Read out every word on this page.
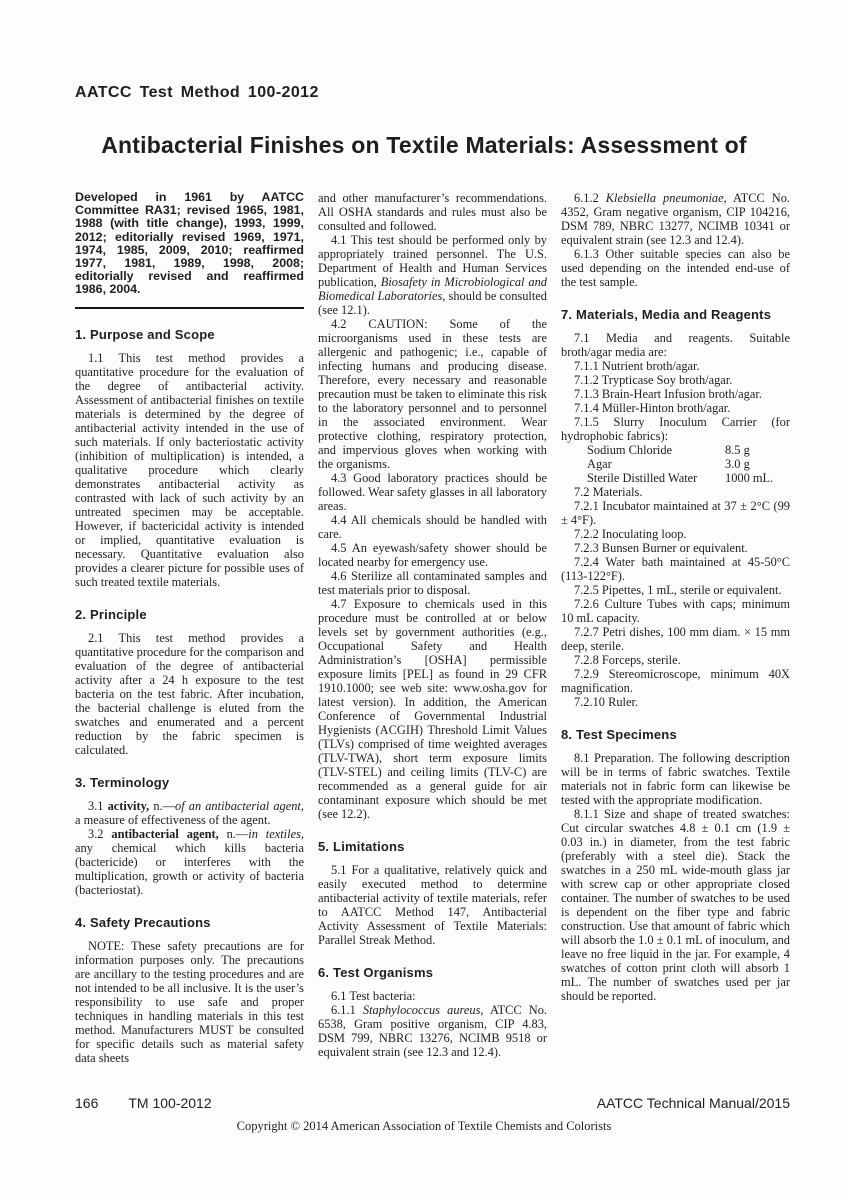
AATCC Test Method 100-2012
Antibacterial Finishes on Textile Materials: Assessment of

Developed in 1961 by AATCC Committee RA31; revised 1965, 1981, 1988 (with title change), 1993, 1999, 2012; editorially revised 1969, 1971, 1974, 1985, 2009, 2010; reaffirmed 1977, 1981, 1989, 1998, 2008; editorially revised and reaffirmed 1986, 2004.

1. Purpose and Scope

1.1 This test method provides a quantitative procedure for the evaluation of the degree of antibacterial activity. Assessment of antibacterial finishes on textile materials is determined by the degree of antibacterial activity intended in the use of such materials. If only bacteriostatic activity (inhibition of multiplication) is intended, a qualitative procedure which clearly demonstrates antibacterial activity as contrasted with lack of such activity by an untreated specimen may be acceptable. However, if bactericidal activity is intended or implied, quantitative evaluation is necessary. Quantitative evaluation also provides a clearer picture for possible uses of such treated textile materials.

2. Principle

2.1 This test method provides a quantitative procedure for the comparison and evaluation of the degree of antibacterial activity after a 24 h exposure to the test bacteria on the test fabric. After incubation, the bacterial challenge is eluted from the swatches and enumerated and a percent reduction by the fabric specimen is calculated.

3. Terminology

3.1 activity, n.—of an antibacterial agent, a measure of effectiveness of the agent.

3.2 antibacterial agent, n.—in textiles, any chemical which kills bacteria (bactericide) or interferes with the multiplication, growth or activity of bacteria (bacteriostat).

4. Safety Precautions

NOTE: These safety precautions are for information purposes only. The precautions are ancillary to the testing procedures and are not intended to be all inclusive. It is the user’s responsibility to use safe and proper techniques in handling materials in this test method. Manufacturers MUST be consulted for specific details such as material safety data sheets

and other manufacturer’s recommendations. All OSHA standards and rules must also be consulted and followed.

4.1 This test should be performed only by appropriately trained personnel. The U.S. Department of Health and Human Services publication, Biosafety in Microbiological and Biomedical Laboratories, should be consulted (see 12.1).

4.2 CAUTION: Some of the microorganisms used in these tests are allergenic and pathogenic; i.e., capable of infecting humans and producing disease. Therefore, every necessary and reasonable precaution must be taken to eliminate this risk to the laboratory personnel and to personnel in the associated environment. Wear protective clothing, respiratory protection, and impervious gloves when working with the organisms.

4.3 Good laboratory practices should be followed. Wear safety glasses in all laboratory areas.

4.4 All chemicals should be handled with care.

4.5 An eyewash/safety shower should be located nearby for emergency use.

4.6 Sterilize all contaminated samples and test materials prior to disposal.

4.7 Exposure to chemicals used in this procedure must be controlled at or below levels set by government authorities (e.g., Occupational Safety and Health Administration’s [OSHA] permissible exposure limits [PEL] as found in 29 CFR 1910.1000; see web site: www.osha.gov for latest version). In addition, the American Conference of Governmental Industrial Hygienists (ACGIH) Threshold Limit Values (TLVs) comprised of time weighted averages (TLV-TWA), short term exposure limits (TLV-STEL) and ceiling limits (TLV-C) are recommended as a general guide for air contaminant exposure which should be met (see 12.2).

5. Limitations

5.1 For a qualitative, relatively quick and easily executed method to determine antibacterial activity of textile materials, refer to AATCC Method 147, Antibacterial Activity Assessment of Textile Materials: Parallel Streak Method.

6. Test Organisms

6.1 Test bacteria:

6.1.1 Staphylococcus aureus, ATCC No. 6538, Gram positive organism, CIP 4.83, DSM 799, NBRC 13276, NCIMB 9518 or equivalent strain (see 12.3 and 12.4).

6.1.2 Klebsiella pneumoniae, ATCC No. 4352, Gram negative organism, CIP 104216, DSM 789, NBRC 13277, NCIMB 10341 or equivalent strain (see 12.3 and 12.4).

6.1.3 Other suitable species can also be used depending on the intended end-use of the test sample.

7. Materials, Media and Reagents

7.1 Media and reagents. Suitable broth/agar media are:

7.1.1 Nutrient broth/agar.

7.1.2 Trypticase Soy broth/agar.

7.1.3 Brain-Heart Infusion broth/agar.

7.1.4 Müller-Hinton broth/agar.

7.1.5 Slurry Inoculum Carrier (for hydrophobic fabrics):

Sodium Chloride	8.5 g
Agar	3.0 g
Sterile Distilled Water	1000 mL.

7.2 Materials.

7.2.1 Incubator maintained at 37 ± 2°C (99 ± 4°F).

7.2.2 Inoculating loop.

7.2.3 Bunsen Burner or equivalent.

7.2.4 Water bath maintained at 45-50°C (113-122°F).

7.2.5 Pipettes, 1 mL, sterile or equivalent.

7.2.6 Culture Tubes with caps; minimum 10 mL capacity.

7.2.7 Petri dishes, 100 mm diam. × 15 mm deep, sterile.

7.2.8 Forceps, sterile.

7.2.9 Stereomicroscope, minimum 40X magnification.

7.2.10 Ruler.

8. Test Specimens

8.1 Preparation. The following description will be in terms of fabric swatches. Textile materials not in fabric form can likewise be tested with the appropriate modification.

8.1.1 Size and shape of treated swatches: Cut circular swatches 4.8 ± 0.1 cm (1.9 ± 0.03 in.) in diameter, from the test fabric (preferably with a steel die). Stack the swatches in a 250 mL wide-mouth glass jar with screw cap or other appropriate closed container. The number of swatches to be used is dependent on the fiber type and fabric construction. Use that amount of fabric which will absorb the 1.0 ± 0.1 mL of inoculum, and leave no free liquid in the jar. For example, 4 swatches of cotton print cloth will absorb 1 mL. The number of swatches used per jar should be reported.

166 TM 100-2012	AATCC Technical Manual/2015
Copyright © 2014 American Association of Textile Chemists and Colorists
